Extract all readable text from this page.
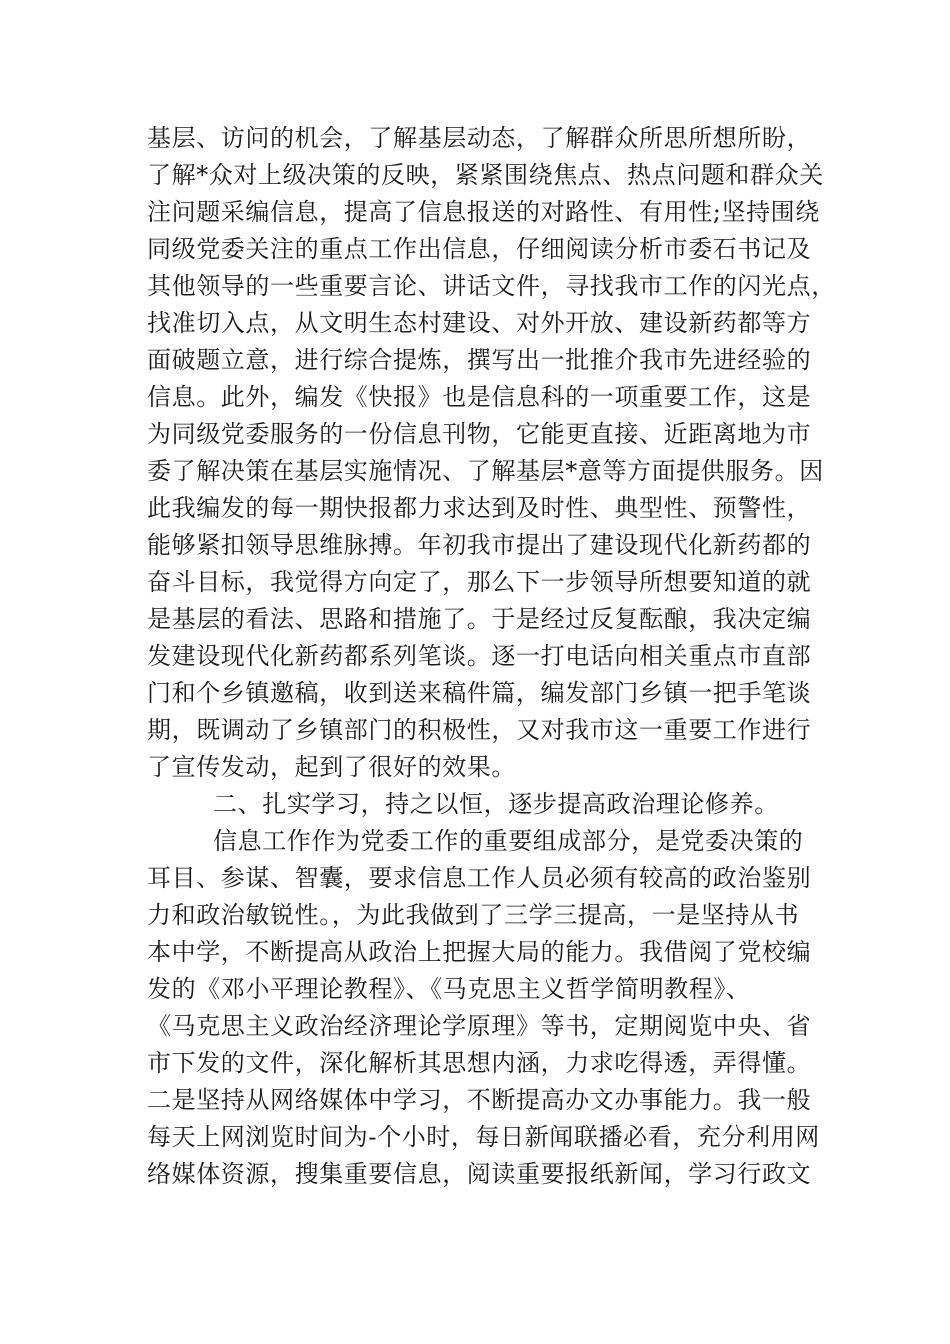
基层、访问的机会，了解基层动态，了解群众所思所想所盼，
了解*众对上级决策的反映，紧紧围绕焦点、热点问题和群众关
注问题采编信息，提高了信息报送的对路性、有用性;坚持围绕
同级党委关注的重点工作出信息，仔细阅读分析市委石书记及
其他领导的一些重要言论、讲话文件，寻找我市工作的闪光点，
找准切入点，从文明生态村建设、对外开放、建设新药都等方
面破题立意，进行综合提炼，撰写出一批推介我市先进经验的
信息。此外，编发《快报》也是信息科的一项重要工作，这是
为同级党委服务的一份信息刊物，它能更直接、近距离地为市
委了解决策在基层实施情况、了解基层*意等方面提供服务。因
此我编发的每一期快报都力求达到及时性、典型性、预警性，
能够紧扣领导思维脉搏。年初我市提出了建设现代化新药都的
奋斗目标，我觉得方向定了，那么下一步领导所想要知道的就
是基层的看法、思路和措施了。于是经过反复酝酿，我决定编
发建设现代化新药都系列笔谈。逐一打电话向相关重点市直部
门和个乡镇邀稿，收到送来稿件篇，编发部门乡镇一把手笔谈
期，既调动了乡镇部门的积极性，又对我市这一重要工作进行
了宣传发动，起到了很好的效果。
二、扎实学习，持之以恒，逐步提高政治理论修养。
信息工作作为党委工作的重要组成部分，是党委决策的
耳目、参谋、智囊，要求信息工作人员必须有较高的政治鉴别
力和政治敏锐性。，为此我做到了三学三提高，一是坚持从书
本中学，不断提高从政治上把握大局的能力。我借阅了党校编
发的《邓小平理论教程》、《马克思主义哲学简明教程》、
《马克思主义政治经济理论学原理》等书，定期阅览中央、省
市下发的文件，深化解析其思想内涵，力求吃得透，弄得懂。
二是坚持从网络媒体中学习，不断提高办文办事能力。我一般
每天上网浏览时间为-个小时，每日新闻联播必看，充分利用网
络媒体资源，搜集重要信息，阅读重要报纸新闻，学习行政文
